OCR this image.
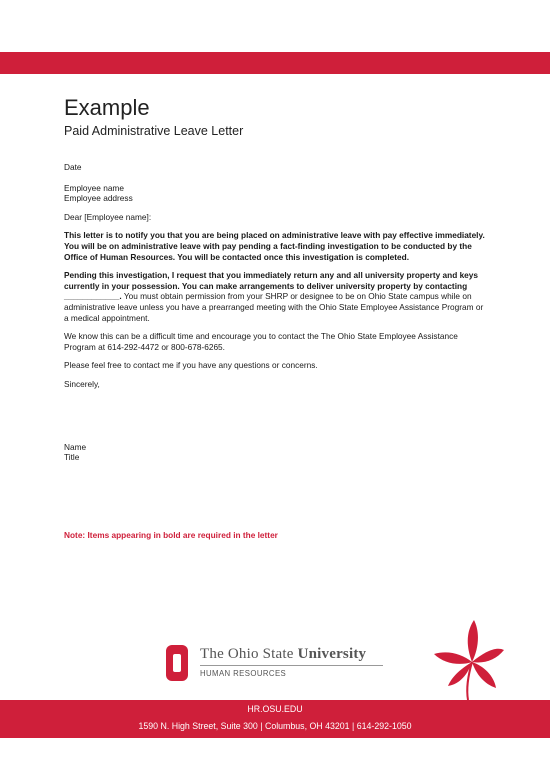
Example
Paid Administrative Leave Letter

Date

Employee name

Employee address

Dear [Employee name]:

This letter is to notify you that you are being placed on administrative leave with pay effective immediately. You will be on administrative leave with pay pending a fact-finding investigation to be conducted by the Office of Human Resources. You will be contacted once this investigation is completed.

Pending this investigation, I request that you immediately return any and all university property and keys currently in your possession. You can make arrangements to deliver university property by contacting ____________. You must obtain permission from your SHRP or designee to be on Ohio State campus while on administrative leave unless you have a prearranged meeting with the Ohio State Employee Assistance Program or a medical appointment.

We know this can be a difficult time and encourage you to contact the The Ohio State Employee Assistance Program at 614-292-4472 or 800-678-6265.

Please feel free to contact me if you have any questions or concerns.

Sincerely,

Name

Title

Note: Items appearing in bold are required in the letter
The Ohio State University
HUMAN RESOURCES
HR.OSU.EDU
1590 N. High Street, Suite 300 | Columbus, OH 43201 | 614-292-1050
